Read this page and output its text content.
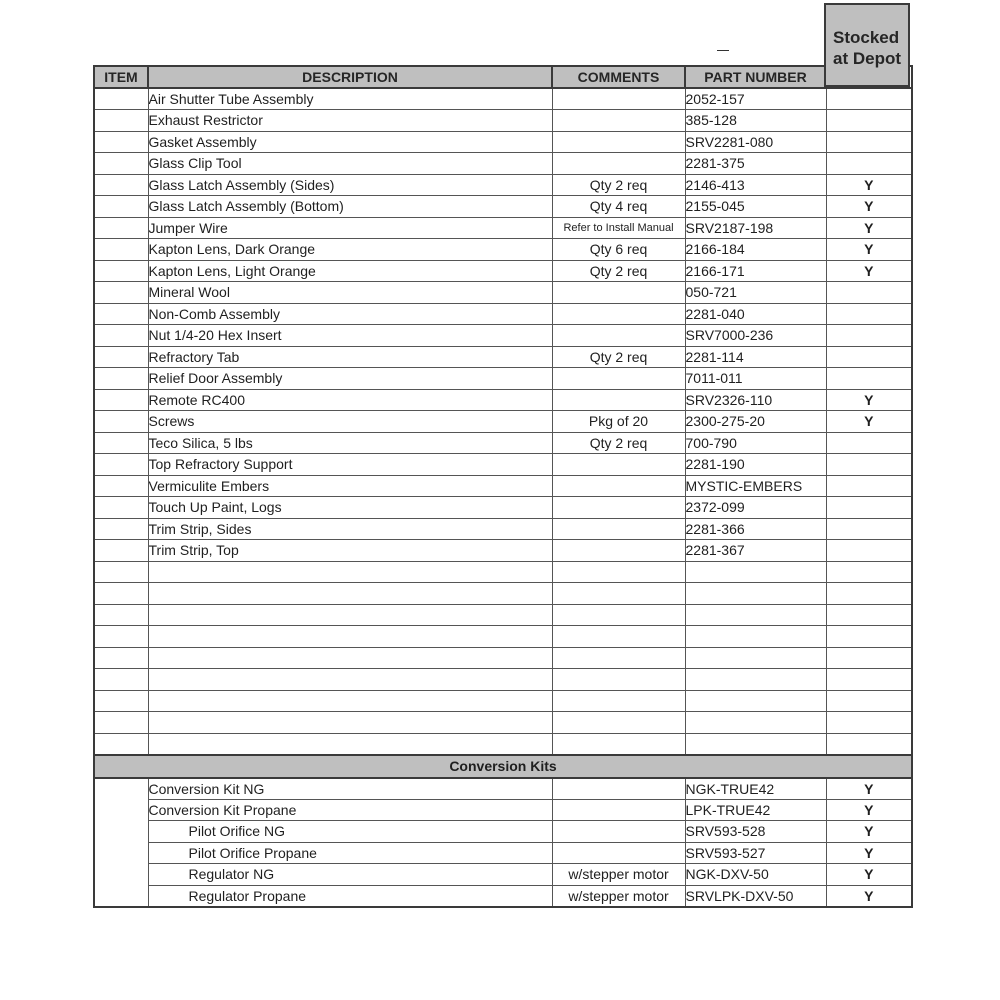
Stocked
at Depot
ITEM	DESCRIPTION	COMMENTS	PART NUMBER	
	Air Shutter Tube Assembly		2052-157	
	Exhaust Restrictor		385-128	
	Gasket Assembly		SRV2281-080	
	Glass Clip Tool		2281-375	
	Glass Latch Assembly (Sides)	Qty 2 req	2146-413	Y
	Glass Latch Assembly (Bottom)	Qty 4 req	2155-045	Y
	Jumper Wire	Refer to Install Manual	SRV2187-198	Y
	Kapton Lens, Dark Orange	Qty 6 req	2166-184	Y
	Kapton Lens, Light Orange	Qty 2 req	2166-171	Y
	Mineral Wool		050-721	
	Non-Comb Assembly		2281-040	
	Nut 1/4-20 Hex Insert		SRV7000-236	
	Refractory Tab	Qty 2 req	2281-114	
	Relief Door Assembly		7011-011	
	Remote RC400		SRV2326-110	Y
	Screws	Pkg of 20	2300-275-20	Y
	Teco Silica, 5 lbs	Qty 2 req	700-790	
	Top Refractory Support		2281-190	
	Vermiculite Embers		MYSTIC-EMBERS	
	Touch Up Paint, Logs		2372-099	
	Trim Strip, Sides		2281-366	
	Trim Strip, Top		2281-367	

Conversion Kits				
	Conversion Kit NG		NGK-TRUE42	Y
	Conversion Kit Propane		LPK-TRUE42	Y
	Pilot Orifice NG		SRV593-528	Y
	Pilot Orifice Propane		SRV593-527	Y
	Regulator NG	w/stepper motor	NGK-DXV-50	Y
	Regulator Propane	w/stepper motor	SRVLPK-DXV-50	Y
